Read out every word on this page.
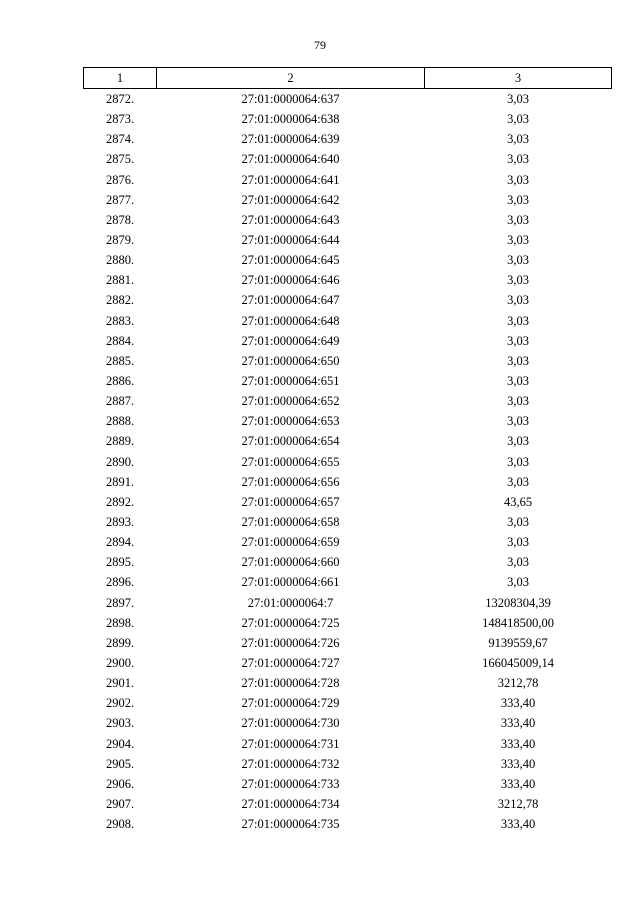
79
1	2	3
2872.	27:01:0000064:637	3,03
2873.	27:01:0000064:638	3,03
2874.	27:01:0000064:639	3,03
2875.	27:01:0000064:640	3,03
2876.	27:01:0000064:641	3,03
2877.	27:01:0000064:642	3,03
2878.	27:01:0000064:643	3,03
2879.	27:01:0000064:644	3,03
2880.	27:01:0000064:645	3,03
2881.	27:01:0000064:646	3,03
2882.	27:01:0000064:647	3,03
2883.	27:01:0000064:648	3,03
2884.	27:01:0000064:649	3,03
2885.	27:01:0000064:650	3,03
2886.	27:01:0000064:651	3,03
2887.	27:01:0000064:652	3,03
2888.	27:01:0000064:653	3,03
2889.	27:01:0000064:654	3,03
2890.	27:01:0000064:655	3,03
2891.	27:01:0000064:656	3,03
2892.	27:01:0000064:657	43,65
2893.	27:01:0000064:658	3,03
2894.	27:01:0000064:659	3,03
2895.	27:01:0000064:660	3,03
2896.	27:01:0000064:661	3,03
2897.	27:01:0000064:7	13208304,39
2898.	27:01:0000064:725	148418500,00
2899.	27:01:0000064:726	9139559,67
2900.	27:01:0000064:727	166045009,14
2901.	27:01:0000064:728	3212,78
2902.	27:01:0000064:729	333,40
2903.	27:01:0000064:730	333,40
2904.	27:01:0000064:731	333,40
2905.	27:01:0000064:732	333,40
2906.	27:01:0000064:733	333,40
2907.	27:01:0000064:734	3212,78
2908.	27:01:0000064:735	333,40
